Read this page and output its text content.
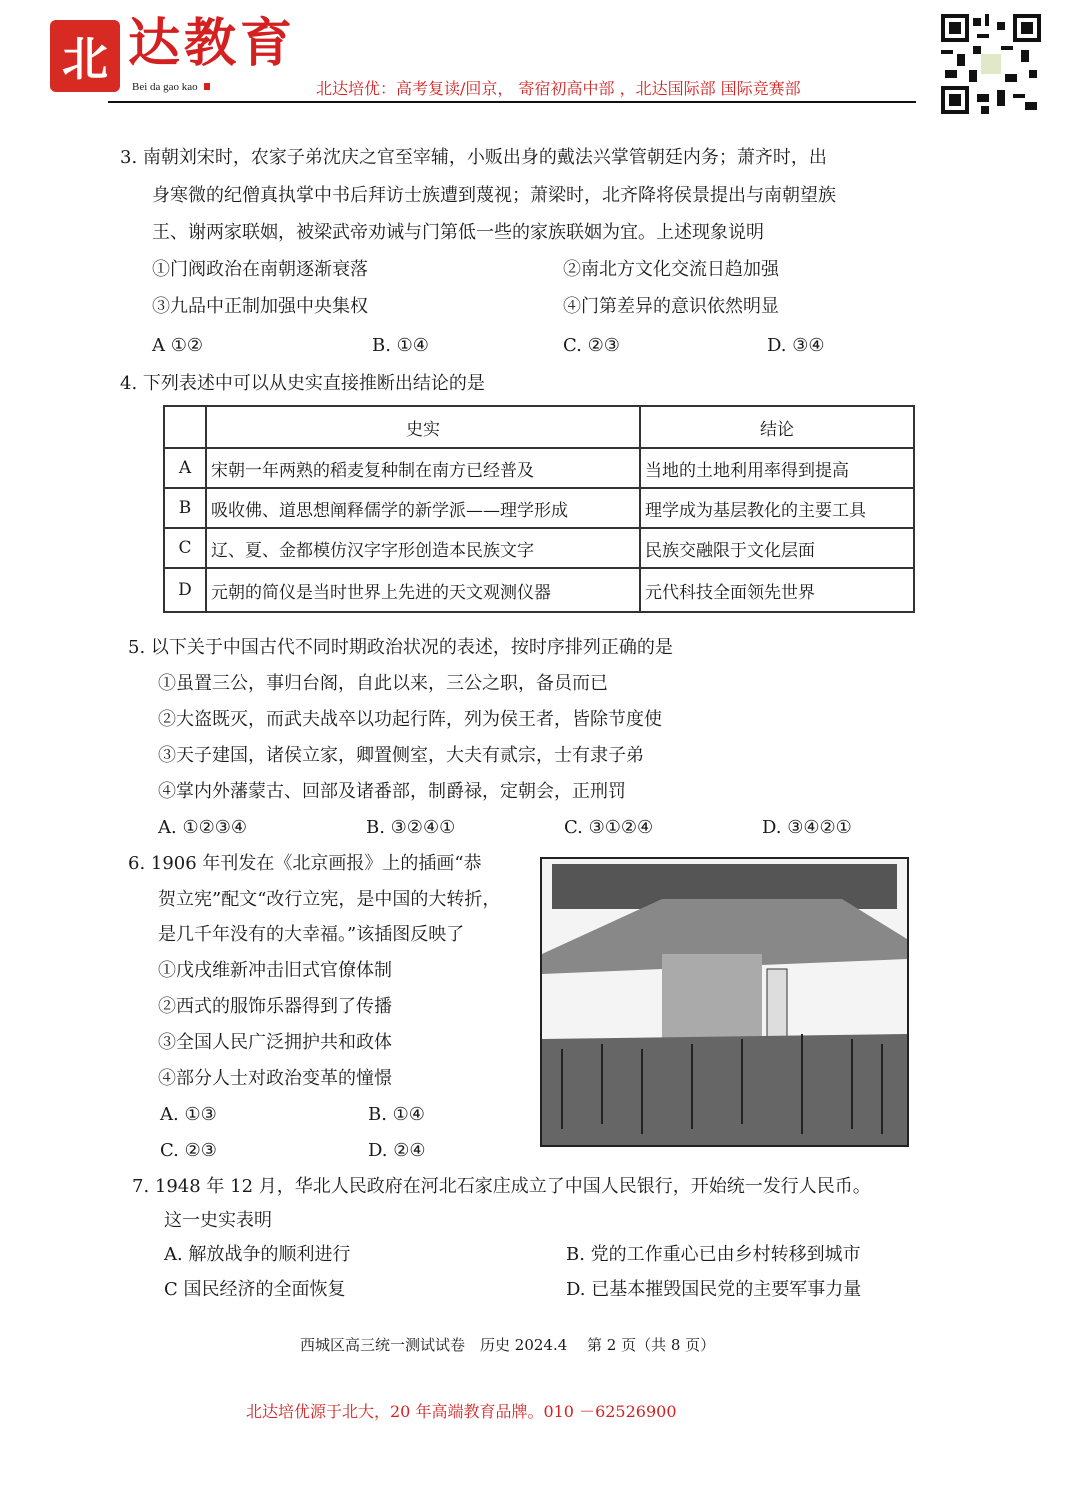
北 达教育
Bei da gao kao	北达培优：高考复读/回京， 寄宿初高中部 ，北达国际部 国际竞赛部
3. 南朝刘宋时，农家子弟沈庆之官至宰辅，小贩出身的戴法兴掌管朝廷内务；萧齐时，出
身寒微的纪僧真执掌中书后拜访士族遭到蔑视；萧梁时，北齐降将侯景提出与南朝望族
王、谢两家联姻，被梁武帝劝诫与门第低一些的家族联姻为宜。上述现象说明
①门阀政治在南朝逐渐衰落	②南北方文化交流日趋加强
③九品中正制加强中央集权	④门第差异的意识依然明显
A ①②	B. ①④	C. ②③	D. ③④
4. 下列表述中可以从史实直接推断出结论的是
	史实	结论
A	宋朝一年两熟的稻麦复种制在南方已经普及	当地的土地利用率得到提高
B	吸收佛、道思想阐释儒学的新学派——理学形成	理学成为基层教化的主要工具
C	辽、夏、金都模仿汉字字形创造本民族文字	民族交融限于文化层面
D	元朝的简仪是当时世界上先进的天文观测仪器	元代科技全面领先世界
5. 以下关于中国古代不同时期政治状况的表述，按时序排列正确的是
①虽置三公，事归台阁，自此以来，三公之职，备员而已
②大盗既灭，而武夫战卒以功起行阵，列为侯王者，皆除节度使
③天子建国，诸侯立家，卿置侧室，大夫有贰宗，士有隶子弟
④掌内外藩蒙古、回部及诸番部，制爵禄，定朝会，正刑罚
A. ①②③④	B. ③②④①	C. ③①②④	D. ③④②①
6. 1906 年刊发在《北京画报》上的插画“恭
贺立宪”配文“改行立宪，是中国的大转折，
是几千年没有的大幸福。”该插图反映了
①戊戌维新冲击旧式官僚体制
②西式的服饰乐器得到了传播
③全国人民广泛拥护共和政体
④部分人士对政治变革的憧憬
A. ①③	B. ①④
C. ②③	D. ②④
7. 1948 年 12 月，华北人民政府在河北石家庄成立了中国人民银行，开始统一发行人民币。
这一史实表明
A. 解放战争的顺利进行	B. 党的工作重心已由乡村转移到城市
C 国民经济的全面恢复	D. 已基本摧毁国民党的主要军事力量
西城区高三统一测试试卷　历史 2024.4　 第 2 页（共 8 页）
北达培优源于北大，20 年高端教育品牌。010 －62526900
